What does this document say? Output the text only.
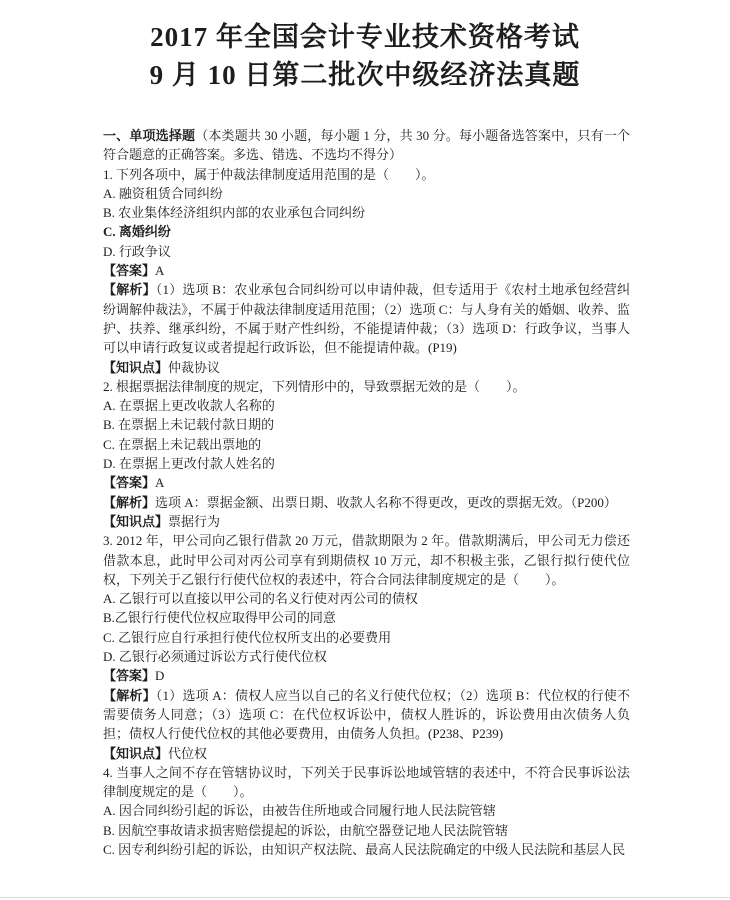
2017 年全国会计专业技术资格考试
9 月 10 日第二批次中级经济法真题

一、单项选择题（本类题共 30 小题，每小题 1 分，共 30 分。每小题备选答案中，只有一个符合题意的正确答案。多选、错选、不选均不得分）

1. 下列各项中，属于仲裁法律制度适用范围的是（　　）。

A. 融资租赁合同纠纷

B. 农业集体经济组织内部的农业承包合同纠纷

C. 离婚纠纷

D. 行政争议

【答案】A

【解析】（1）选项 B：农业承包合同纠纷可以申请仲裁，但专适用于《农村土地承包经营纠纷调解仲裁法》，不属于仲裁法律制度适用范围；（2）选项 C：与人身有关的婚姻、收养、监护、扶养、继承纠纷，不属于财产性纠纷，不能提请仲裁；（3）选项 D：行政争议，当事人可以申请行政复议或者提起行政诉讼，但不能提请仲裁。(P19)

【知识点】仲裁协议

2. 根据票据法律制度的规定，下列情形中的，导致票据无效的是（　　）。

A. 在票据上更改收款人名称的

B. 在票据上未记载付款日期的

C. 在票据上未记载出票地的

D. 在票据上更改付款人姓名的

【答案】A

【解析】选项 A：票据金额、出票日期、收款人名称不得更改，更改的票据无效。（P200）

【知识点】票据行为

3. 2012 年，甲公司向乙银行借款 20 万元，借款期限为 2 年。借款期满后，甲公司无力偿还借款本息，此时甲公司对丙公司享有到期债权 10 万元，却不积极主张，乙银行拟行使代位权，下列关于乙银行行使代位权的表述中，符合合同法律制度规定的是（　　）。

A. 乙银行可以直接以甲公司的名义行使对丙公司的债权

B.乙银行行使代位权应取得甲公司的同意

C. 乙银行应自行承担行使代位权所支出的必要费用

D. 乙银行必须通过诉讼方式行使代位权

【答案】D

【解析】（1）选项 A：债权人应当以自己的名义行使代位权；（2）选项 B：代位权的行使不需要债务人同意；（3）选项 C：在代位权诉讼中，债权人胜诉的，诉讼费用由次债务人负担；债权人行使代位权的其他必要费用，由债务人负担。(P238、P239)

【知识点】代位权

4. 当事人之间不存在管辖协议时，下列关于民事诉讼地域管辖的表述中，不符合民事诉讼法律制度规定的是（　　）。

A. 因合同纠纷引起的诉讼，由被告住所地或合同履行地人民法院管辖

B. 因航空事故请求损害赔偿提起的诉讼，由航空器登记地人民法院管辖

C. 因专利纠纷引起的诉讼，由知识产权法院、最高人民法院确定的中级人民法院和基层人民
